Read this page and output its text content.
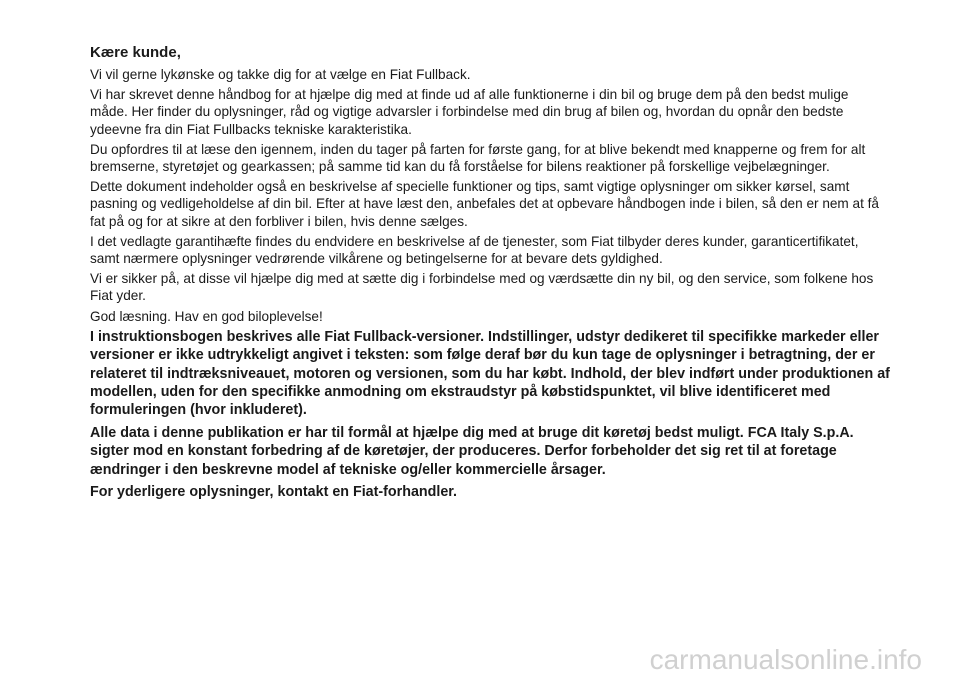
Kære kunde,
Vi vil gerne lykønske og takke dig for at vælge en Fiat Fullback.
Vi har skrevet denne håndbog for at hjælpe dig med at finde ud af alle funktionerne i din bil og bruge dem på den bedst mulige måde. Her finder du oplysninger, råd og vigtige advarsler i forbindelse med din brug af bilen og, hvordan du opnår den bedste ydeevne fra din Fiat Fullbacks tekniske karakteristika.
Du opfordres til at læse den igennem, inden du tager på farten for første gang, for at blive bekendt med knapperne og frem for alt bremserne, styretøjet og gearkassen; på samme tid kan du få forståelse for bilens reaktioner på forskellige vejbelægninger.
Dette dokument indeholder også en beskrivelse af specielle funktioner og tips, samt vigtige oplysninger om sikker kørsel, samt pasning og vedligeholdelse af din bil. Efter at have læst den, anbefales det at opbevare håndbogen inde i bilen, så den er nem at få fat på og for at sikre at den forbliver i bilen, hvis denne sælges.
I det vedlagte garantihæfte findes du endvidere en beskrivelse af de tjenester, som Fiat tilbyder deres kunder, garanticertifikatet, samt nærmere oplysninger vedrørende vilkårene og betingelserne for at bevare dets gyldighed.
Vi er sikker på, at disse vil hjælpe dig med at sætte dig i forbindelse med og værdsætte din ny bil, og den service, som folkene hos Fiat yder.
God læsning. Hav en god biloplevelse!
I instruktionsbogen beskrives alle Fiat Fullback-versioner. Indstillinger, udstyr dedikeret til specifikke markeder eller versioner er ikke udtrykkeligt angivet i teksten: som følge deraf bør du kun tage de oplysninger i betragtning, der er relateret til indtræksniveauet, motoren og versionen, som du har købt. Indhold, der blev indført under produktionen af modellen, uden for den specifikke anmodning om ekstraudstyr på købstidspunktet, vil blive identificeret med formuleringen (hvor inkluderet).
Alle data i denne publikation er har til formål at hjælpe dig med at bruge dit køretøj bedst muligt. FCA Italy S.p.A. sigter mod en konstant forbedring af de køretøjer, der produceres. Derfor forbeholder det sig ret til at foretage ændringer i den beskrevne model af tekniske og/eller kommercielle årsager.
For yderligere oplysninger, kontakt en Fiat-forhandler.
carmanualsonline.info
